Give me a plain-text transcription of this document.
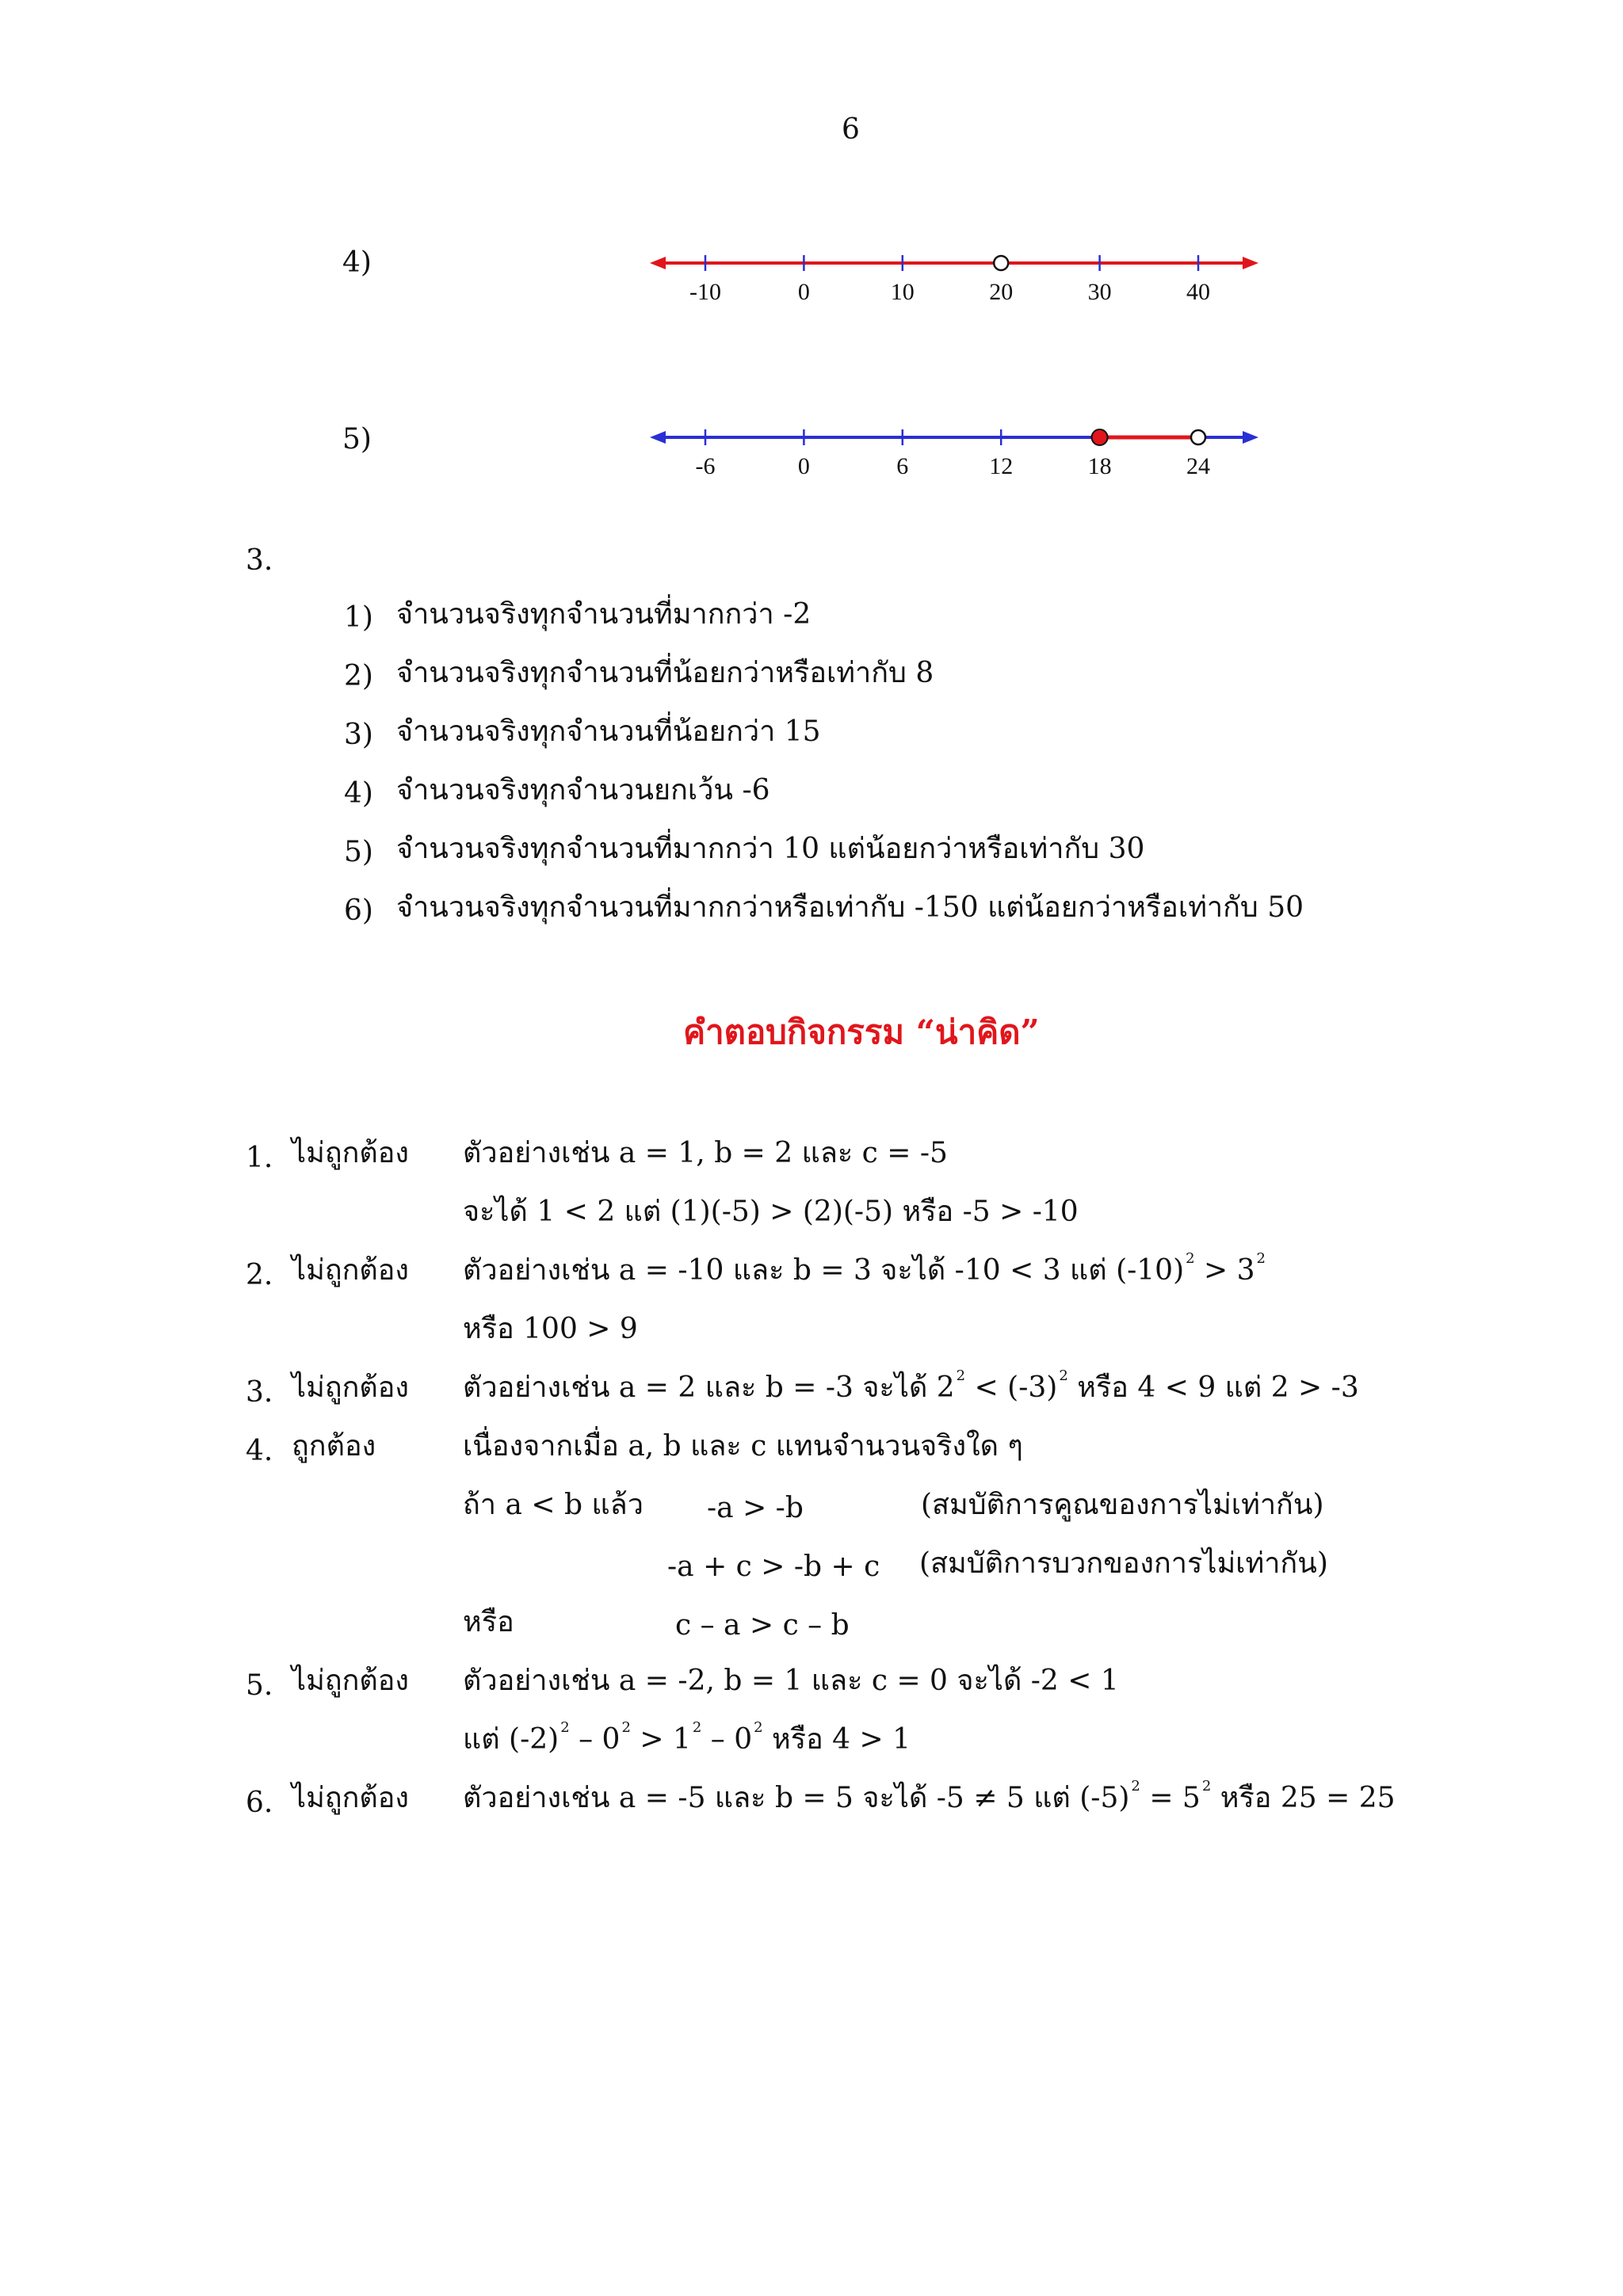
6
4)
-10	0	10	20	30	40
5)
-6	0	6	12	18	24
3.
1) จำนวนจริงทุกจำนวนที่มากกว่า -2
2) จำนวนจริงทุกจำนวนที่น้อยกว่าหรือเท่ากับ 8
3) จำนวนจริงทุกจำนวนที่น้อยกว่า 15
4) จำนวนจริงทุกจำนวนยกเว้น -6
5) จำนวนจริงทุกจำนวนที่มากกว่า 10 แต่น้อยกว่าหรือเท่ากับ 30
6) จำนวนจริงทุกจำนวนที่มากกว่าหรือเท่ากับ -150 แต่น้อยกว่าหรือเท่ากับ 50
คำตอบกิจกรรม “น่าคิด”
1. ไม่ถูกต้อง ตัวอย่างเช่น a = 1, b = 2 และ c = -5
จะได้ 1 < 2 แต่ (1)(-5) > (2)(-5) หรือ -5 > -10
2. ไม่ถูกต้อง ตัวอย่างเช่น a = -10 และ b = 3 จะได้ -10 < 3 แต่ (-10) $^2$ > 3 $^2$
หรือ 100 > 9
3. ไม่ถูกต้อง ตัวอย่างเช่น a = 2 และ b = -3 จะได้ 2 $^2$ < (-3) $^2$ หรือ 4 < 9 แต่ 2 > -3
4. ถูกต้อง	เนื่องจากเมื่อ a, b และ c แทนจำนวนจริงใด ๆ
ถ้า a < b แล้ว -a > -b	(สมบัติการคูณของการไม่เท่ากัน)
-a + c > -b + c (สมบัติการบวกของการไม่เท่ากัน)
หรือ	c – a > c – b
5. ไม่ถูกต้อง ตัวอย่างเช่น a = -2, b = 1 และ c = 0 จะได้ -2 < 1
แต่ (-2) $^2$ – 0 $^2$ > 1 $^2$ – 0 $^2$ หรือ 4 > 1
6. ไม่ถูกต้อง ตัวอย่างเช่น a = -5 และ b = 5 จะได้ -5 ≠ 5 แต่ (-5) $^2$ = 5 $^2$ หรือ 25 = 25
